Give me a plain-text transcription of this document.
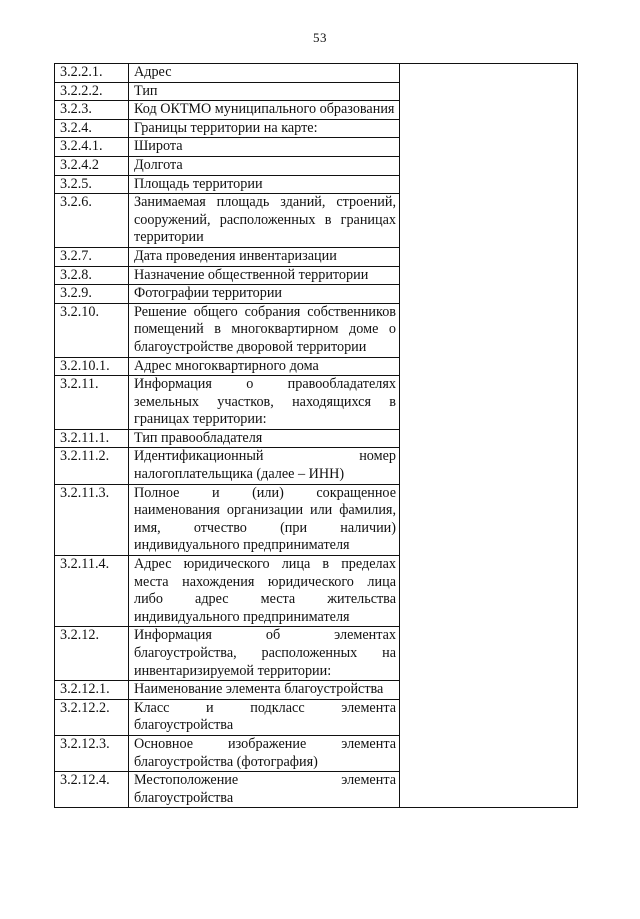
53
3.2.2.1.	Адрес	

3.2.2.2.	Тип	

3.2.3.	Код ОКТМО муниципального образования	

3.2.4.	Границы территории на карте:	

3.2.4.1.	Широта	

3.2.4.2	Долгота	

3.2.5.	Площадь территории	

3.2.6.	Занимаемая площадь зданий, строений, сооружений, расположенных в границах территории	

3.2.7.	Дата проведения инвентаризации	

3.2.8.	Назначение общественной территории	

3.2.9.	Фотографии территории	

3.2.10.	Решение общего собрания собственников помещений в многоквартирном доме о благоустройстве дворовой территории	

3.2.10.1.	Адрес многоквартирного дома	

3.2.11.	Информация о правообладателях земельных участков, находящихся в границах территории:	

3.2.11.1.	Тип правообладателя	

3.2.11.2.	Идентификационный номер налогоплательщика (далее – ИНН)	

3.2.11.3.	Полное и (или) сокращенное наименования организации или фамилия, имя, отчество (при наличии) индивидуального предпринимателя	

3.2.11.4.	Адрес юридического лица в пределах места нахождения юридического лица либо адрес места жительства индивидуального предпринимателя	

3.2.12.	Информация об элементах благоустройства, расположенных на инвентаризируемой территории:	

3.2.12.1.	Наименование элемента благоустройства	

3.2.12.2.	Класс и подкласс элемента благоустройства	

3.2.12.3.	Основное изображение элемента благоустройства (фотография)	

3.2.12.4.	Местоположение элемента благоустройства	
